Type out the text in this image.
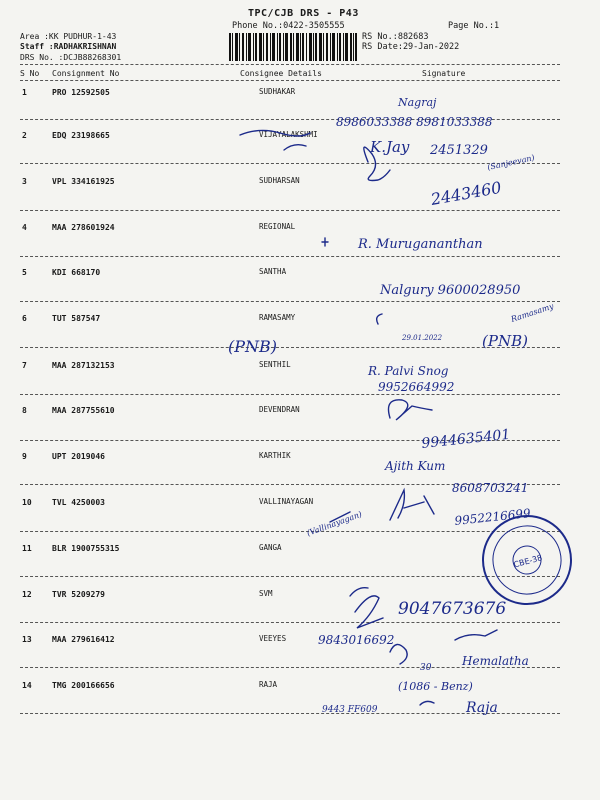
TPC/CJB DRS - P43
Phone No.:0422-3505555	Page No.:1
Area :KK PUDHUR-1-43
Staff :RADHAKRISHNAN
DRS No. :DCJB88268301
RS No.:882683
RS Date:29-Jan-2022
S No Consignment No	Consignee Details	Signature
1	PRO 12592505	SUDHAKAR
2	EDQ 23198665	VIJAYALAKSHMI
3	VPL 334161925	SUDHARSAN
4	MAA 278601924	REGIONAL
5	KDI 668170	SANTHA
6	TUT 587547	RAMASAMY
7	MAA 287132153	SENTHIL
8	MAA 287755610	DEVENDRAN
9	UPT 2019046	KARTHIK
10	TVL 4250003	VALLINAYAGAN
11	BLR 1900755315	GANGA
12	TVR 5209279	SVM
13	MAA 279616412	VEEYES
14	TMG 200166656	RAJA
Nagraj
8986033388 8981033388
K.Jay 2451329
(Sanjeevan)
2443460
R. Murugananthan
Nalgury 9600028950
(PNB)	29.01.2022
Ramasamy
(PNB)
R. Palvi Snog
9952664992
9944635401
Ajith Kum
8608703241
(Vallinayagan)	9952216699
9047673676
9843016692
Hemalatha
30
(1086 - Benz)
Raja
9443 FF609
CBE-38
